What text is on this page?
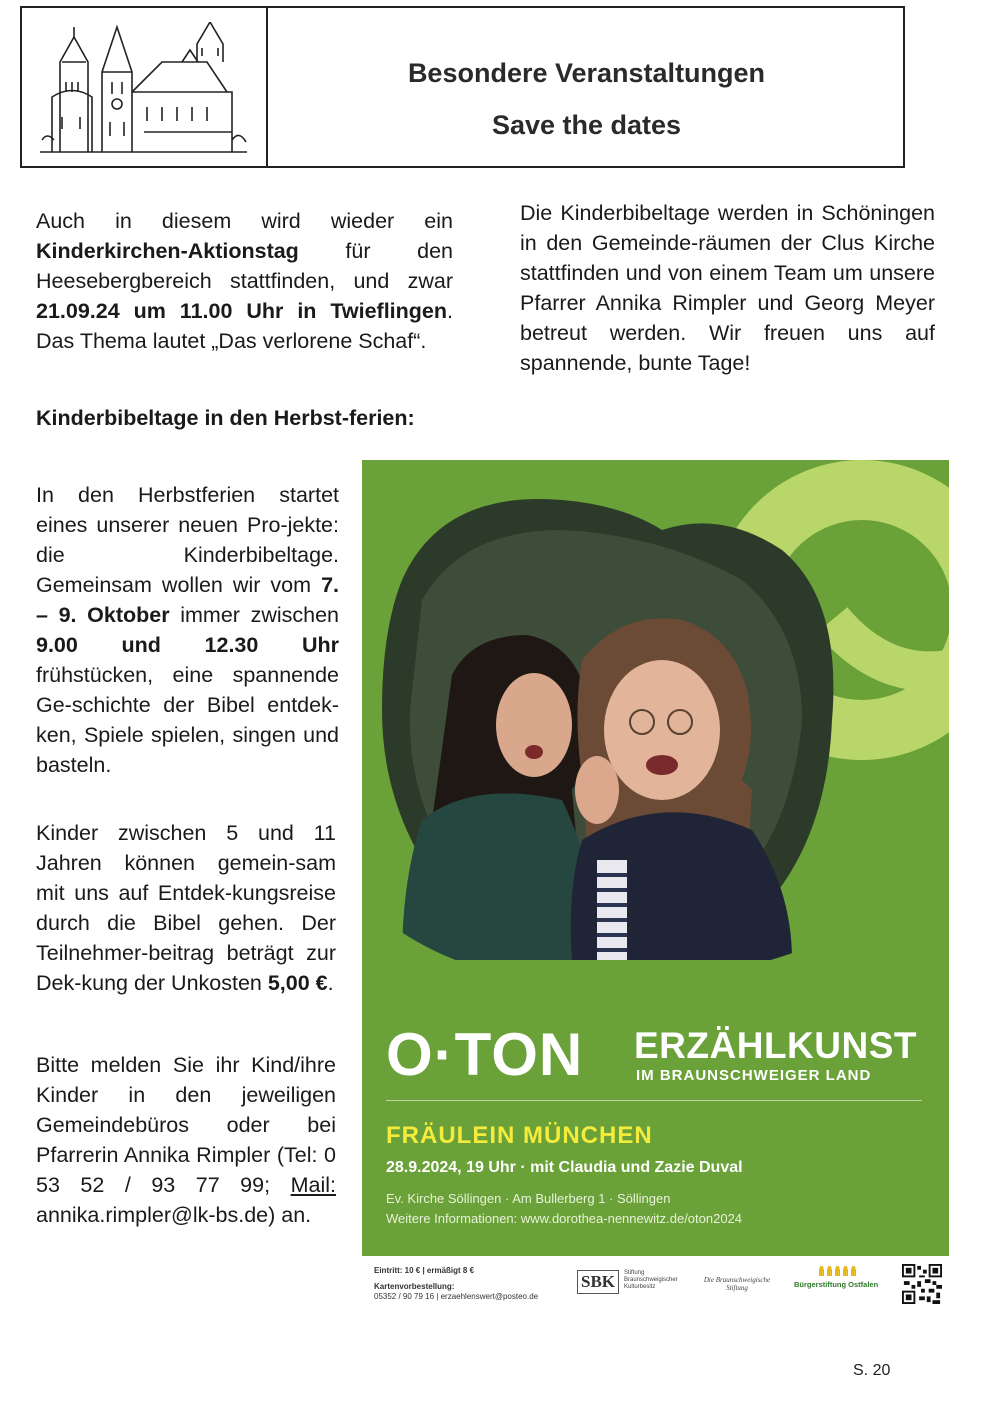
Besondere Veranstaltungen
Save the dates

Auch in diesem wird wieder ein Kinderkirchen-Aktionstag für den Heesebergbereich stattfinden, und zwar 21.09.24 um 11.00 Uhr in Twieflingen. Das Thema lautet „Das verlorene Schaf“.

Kinderbibeltage in den Herbst-ferien:

In den Herbstferien startet eines unserer neuen Pro-jekte: die Kinderbibeltage. Gemeinsam wollen wir vom 7. – 9. Oktober immer zwischen 9.00 und 12.30 Uhr frühstücken, eine spannende Ge-schichte der Bibel entdek-ken, Spiele spielen, singen und basteln.

Kinder zwischen 5 und 11 Jahren können gemein-sam mit uns auf Entdek-kungsreise durch die Bibel gehen. Der Teilnehmer-beitrag beträgt zur Dek-kung der Unkosten 5,00 €.

Bitte melden Sie ihr Kind/ihre Kinder in den jeweiligen Gemeindebüros oder bei Pfarrerin Annika Rimpler (Tel: 0 53 52 / 93 77 99; Mail: annika.rimpler@lk-bs.de) an.

Die Kinderbibeltage werden in Schöningen in den Gemeinde-räumen der Clus Kirche stattfinden und von einem Team um unsere Pfarrer Annika Rimpler und Georg Meyer betreut werden. Wir freuen uns auf spannende, bunte Tage!
O·TON ERZÄHLKUNST
IM BRAUNSCHWEIGER LAND
FRÄULEIN MÜNCHEN
28.9.2024, 19 Uhr · mit Claudia und Zazie Duval
Ev. Kirche Söllingen · Am Bullerberg 1 · Söllingen
Weitere Informationen: www.dorothea-nennewitz.de/oton2024
Eintritt: 10 € | ermäßigt 8 €
Kartenvorbestellung:
05352 / 90 79 16 | erzaehlenswert@posteo.de
SBK	Stiftung Braunschweigischer Kulturbesitz
Die Braunschweigische Stiftung	Bürgerstiftung Ostfalen
S. 20
